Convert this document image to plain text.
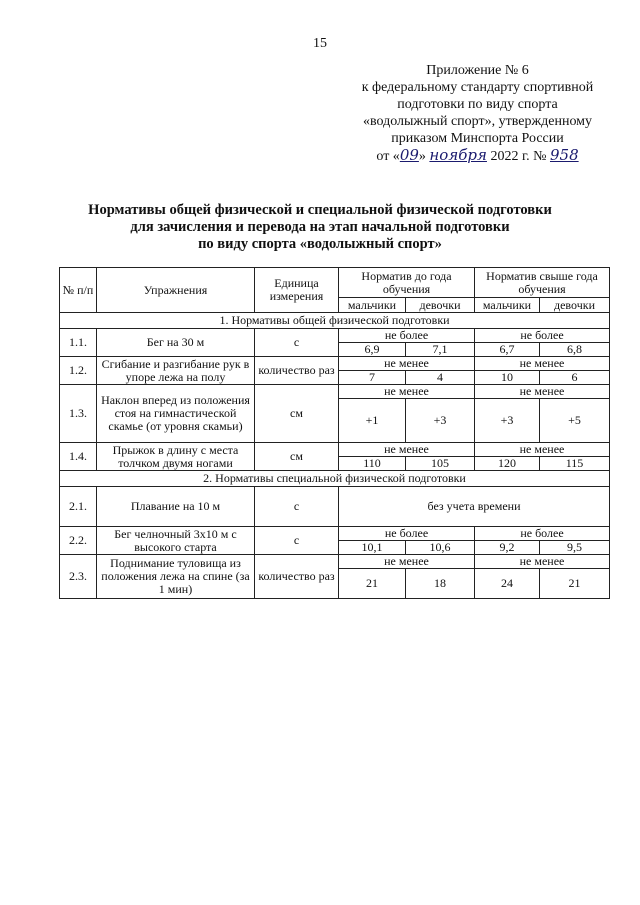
15
Приложение № 6
к федеральному стандарту спортивной
подготовки по виду спорта
«водолыжный спорт», утвержденному
приказом Минспорта России
от «09» ноября 2022 г. № 958
Нормативы общей физической и специальной физической подготовки
для зачисления и перевода на этап начальной подготовки
по виду спорта «водолыжный спорт»
№ п/п	Упражнения	Единица измерения	Норматив до года обучения		Норматив свыше года обучения	
			мальчики	девочки	мальчики	девочки
1. Нормативы общей физической подготовки						
1.1.	Бег на 30 м	с	не более		не более	
			6,9	7,1	6,7	6,8
1.2.	Сгибание и разгибание рук в упоре лежа на полу	количество раз	не менее		не менее	
			7	4	10	6
1.3.	Наклон вперед из положения стоя на гимнастической скамье (от уровня скамьи)	см	не менее		не менее	
			+1	+3	+3	+5
1.4.	Прыжок в длину с места толчком двумя ногами	см	не менее		не менее	
			110	105	120	115
2. Нормативы специальной физической подготовки						
2.1.	Плавание на 10 м	с	без учета времени			
2.2.	Бег челночный 3х10 м с высокого старта	с	не более		не более	
			10,1	10,6	9,2	9,5
2.3.	Поднимание туловища из положения лежа на спине (за 1 мин)	количество раз	не менее		не менее	
			21	18	24	21
